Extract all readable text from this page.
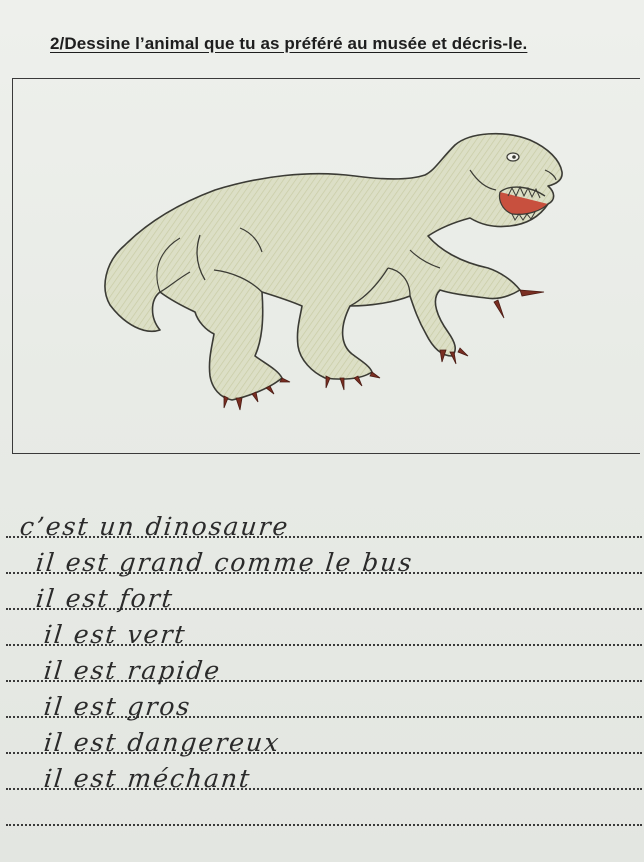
2/Dessine l’animal que tu as préféré au musée et décris-le.
c’est un dinosaure
il est grand comme le bus
il est fort
il est vert
il est rapide
il est gros
il est dangereux
il est méchant
